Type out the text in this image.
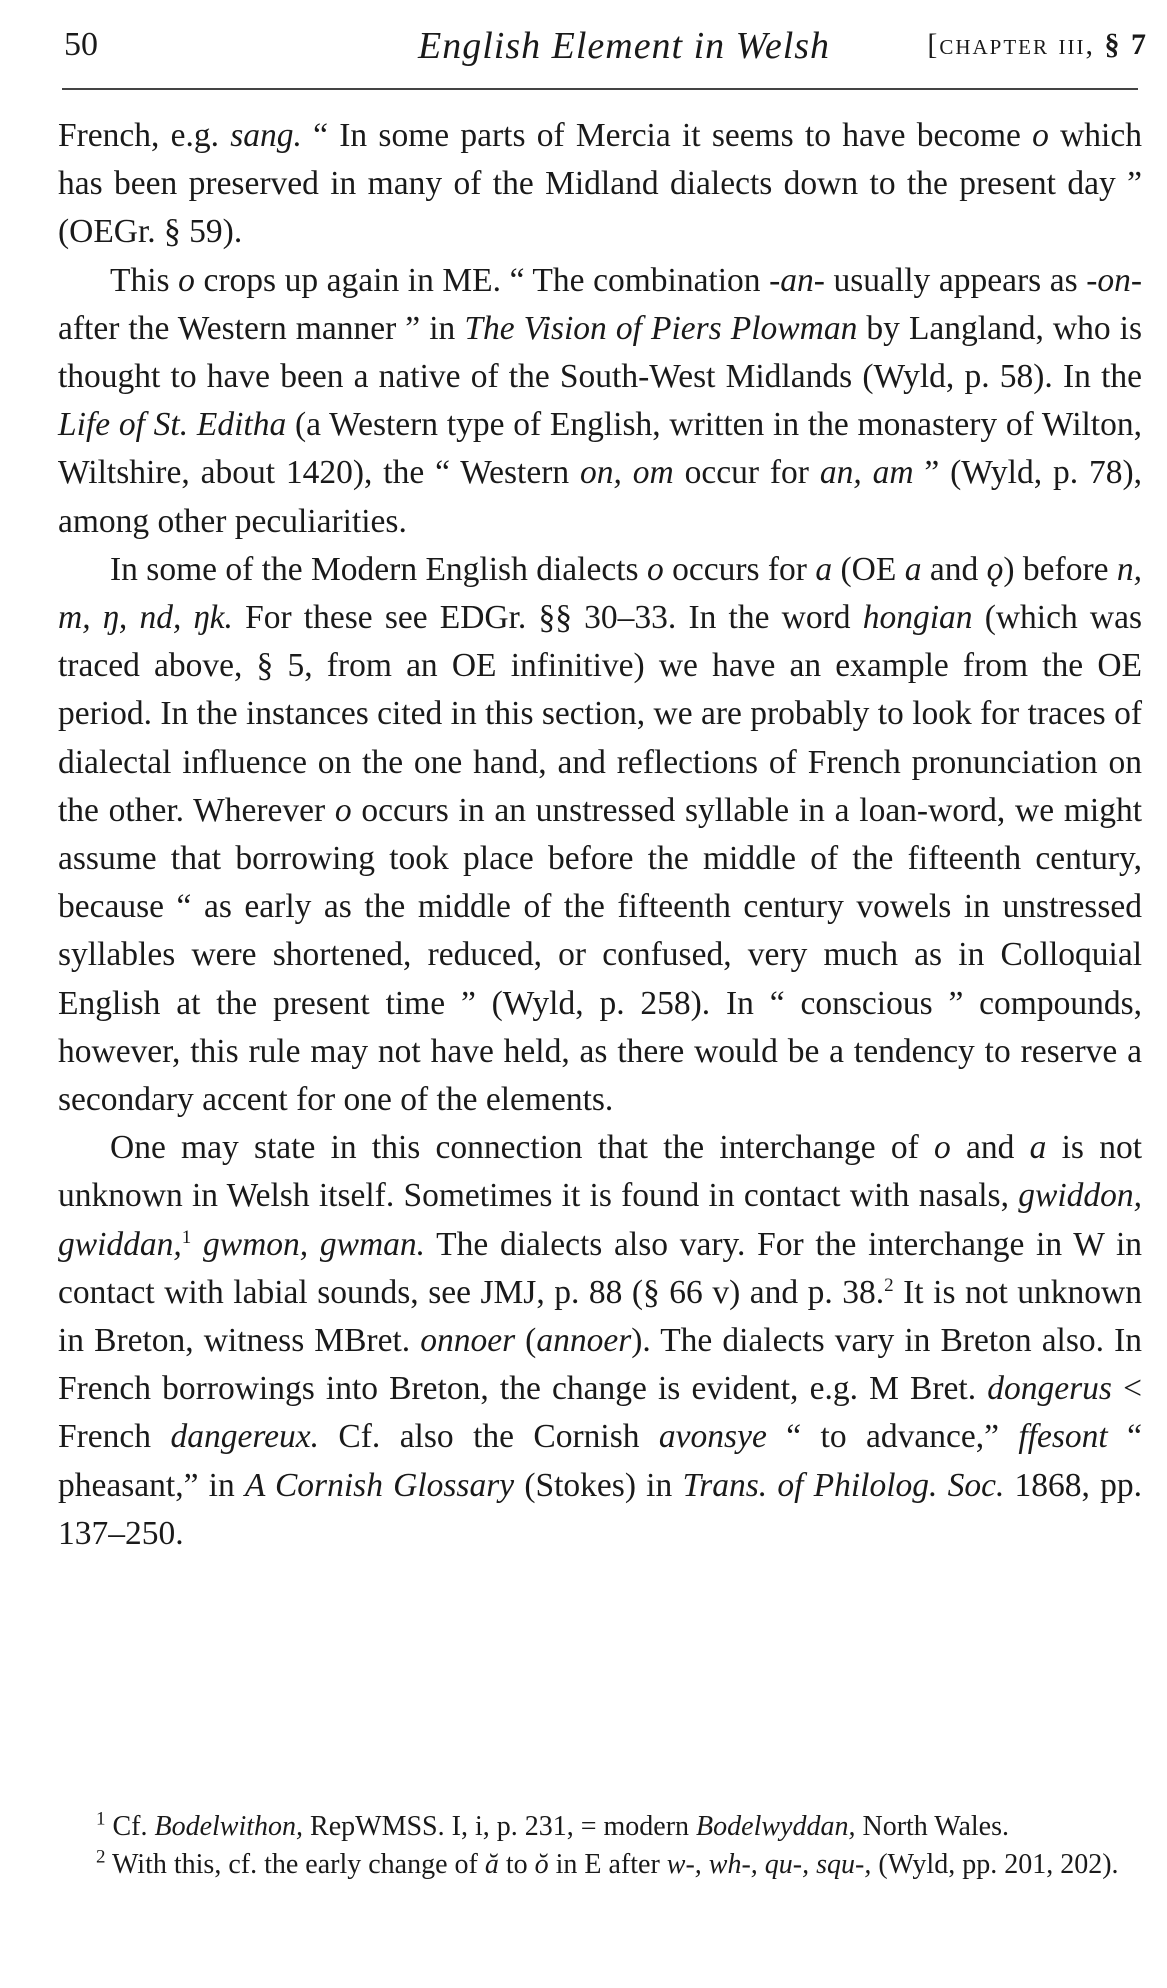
50	English Element in Welsh	[chapter iii, § 7

French, e.g. sang. “ In some parts of Mercia it seems to have become o which has been preserved in many of the Midland dialects down to the present day ” (OEGr. § 59).

This o crops up again in ME. “ The combination -an- usually appears as -on- after the Western manner ” in The Vision of Piers Plowman by Langland, who is thought to have been a native of the South-West Midlands (Wyld, p. 58). In the Life of St. Editha (a Western type of English, written in the monastery of Wilton, Wiltshire, about 1420), the “ Western on, om occur for an, am ” (Wyld, p. 78), among other peculiarities.

In some of the Modern English dialects o occurs for a (OE a and ǫ) before n, m, ŋ, nd, ŋk. For these see EDGr. §§ 30–33. In the word hongian (which was traced above, § 5, from an OE infinitive) we have an example from the OE period. In the instances cited in this section, we are probably to look for traces of dialectal influence on the one hand, and reflections of French pronunciation on the other. Wherever o occurs in an unstressed syllable in a loan-word, we might assume that borrowing took place before the middle of the fifteenth century, because “ as early as the middle of the fifteenth century vowels in unstressed syllables were shortened, reduced, or confused, very much as in Colloquial English at the present time ” (Wyld, p. 258). In “ conscious ” compounds, however, this rule may not have held, as there would be a tendency to reserve a secondary accent for one of the elements.

One may state in this connection that the interchange of o and a is not unknown in Welsh itself. Sometimes it is found in contact with nasals, gwiddon, gwiddan,$^1$ gwmon, gwman. The dialects also vary. For the interchange in W in contact with labial sounds, see JMJ, p. 88 (§ 66 v) and p. 38.$^2$ It is not unknown in Breton, witness MBret. onnoer (annoer). The dialects vary in Breton also. In French borrowings into Breton, the change is evident, e.g. M Bret. dongerus < French dangereux. Cf. also the Cornish avonsye “ to advance,” ffesont “ pheasant,” in A Cornish Glossary (Stokes) in Trans. of Philolog. Soc. 1868, pp. 137–250.

$^1$ Cf. Bodelwithon, RepWMSS. I, i, p. 231, = modern Bodelwyddan, North Wales.

$^2$ With this, cf. the early change of ă to ŏ in E after w-, wh-, qu-, squ-, (Wyld, pp. 201, 202).
